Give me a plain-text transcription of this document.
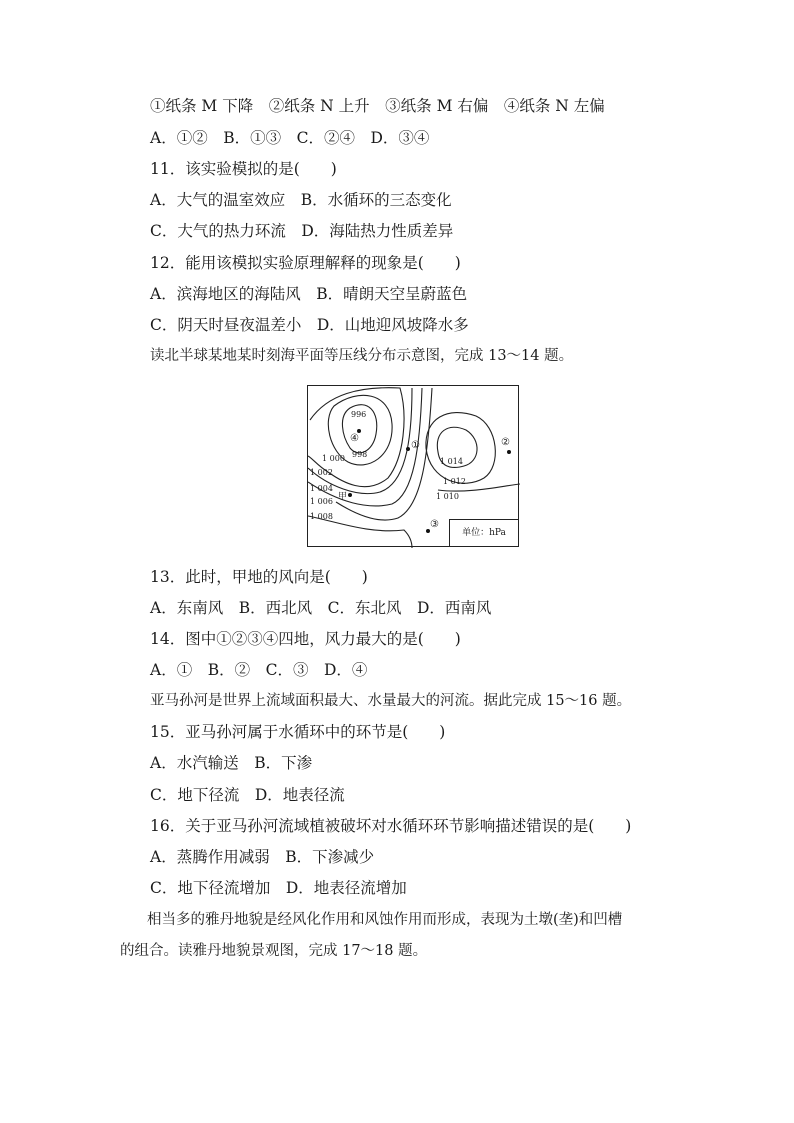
①纸条 M 下降　②纸条 N 上升　③纸条 M 右偏　④纸条 N 左偏
A．①②　B．①③　C．②④　D．③④
11．该实验模拟的是(　　)
A．大气的温室效应　B．水循环的三态变化
C．大气的热力环流　D．海陆热力性质差异
12．能用该模拟实验原理解释的现象是(　　)
A．滨海地区的海陆风　B．晴朗天空呈蔚蓝色
C．阴天时昼夜温差小　D．山地迎风坡降水多
读北半球某地某时刻海平面等压线分布示意图，完成 13～14 题。
996
998
1 000
1 002
1 004
1 006
1 008
1 014
1 012
1 010
甲
④
①	②
③
单位：hPa
13．此时，甲地的风向是(　　)
A．东南风　B．西北风　C．东北风　D．西南风
14．图中①②③④四地，风力最大的是(　　)
A．①　B．②　C．③　D．④
亚马孙河是世界上流域面积最大、水量最大的河流。据此完成 15～16 题。
15．亚马孙河属于水循环中的环节是(　　)
A．水汽输送　B．下渗
C．地下径流　D．地表径流
16．关于亚马孙河流域植被破坏对水循环环节影响描述错误的是(　　)
A．蒸腾作用减弱　B．下渗减少
C．地下径流增加　D．地表径流增加
相当多的雅丹地貌是经风化作用和风蚀作用而形成，表现为土墩(垄)和凹槽
的组合。读雅丹地貌景观图，完成 17～18 题。
